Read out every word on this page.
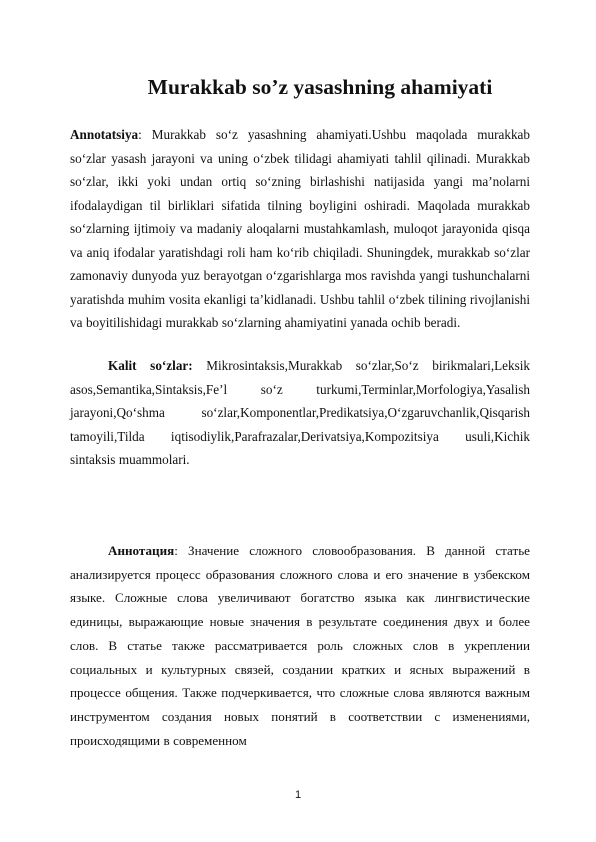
Murakkab so’z yasashning ahamiyati

Annotatsiya: Murakkab so‘z yasashning ahamiyati.Ushbu maqolada murakkab so‘zlar yasash jarayoni va uning o‘zbek tilidagi ahamiyati tahlil qilinadi. Murakkab so‘zlar, ikki yoki undan ortiq so‘zning birlashishi natijasida yangi ma’nolarni ifodalaydigan til birliklari sifatida tilning boyligini oshiradi. Maqolada murakkab so‘zlarning ijtimoiy va madaniy aloqalarni mustahkamlash, muloqot jarayonida qisqa va aniq ifodalar yaratishdagi roli ham ko‘rib chiqiladi. Shuningdek, murakkab so‘zlar zamonaviy dunyoda yuz berayotgan o‘zgarishlarga mos ravishda yangi tushunchalarni yaratishda muhim vosita ekanligi ta’kidlanadi. Ushbu tahlil o‘zbek tilining rivojlanishi va boyitilishidagi murakkab so‘zlarning ahamiyatini yanada ochib beradi.

Kalit so‘zlar: Mikrosintaksis,Murakkab so‘zlar,So‘z birikmalari,Leksik asos,Semantika,Sintaksis,Fe’l so‘z turkumi,Terminlar,Morfologiya,Yasalish jarayoni,Qo‘shma so‘zlar,Komponentlar,Predikatsiya,O‘zgaruvchanlik,Qisqarish tamoyili,Tilda iqtisodiylik,Parafrazalar,Derivatsiya,Kompozitsiya usuli,Kichik sintaksis muammolari.

Аннотация: Значение сложного словообразования. В данной статье анализируется процесс образования сложного слова и его значение в узбекском языке. Сложные слова увеличивают богатство языка как лингвистические единицы, выражающие новые значения в результате соединения двух и более слов. В статье также рассматривается роль сложных слов в укреплении социальных и культурных связей, создании кратких и ясных выражений в процессе общения. Также подчеркивается, что сложные слова являются важным инструментом создания новых понятий в соответствии с изменениями, происходящими в современном

1
